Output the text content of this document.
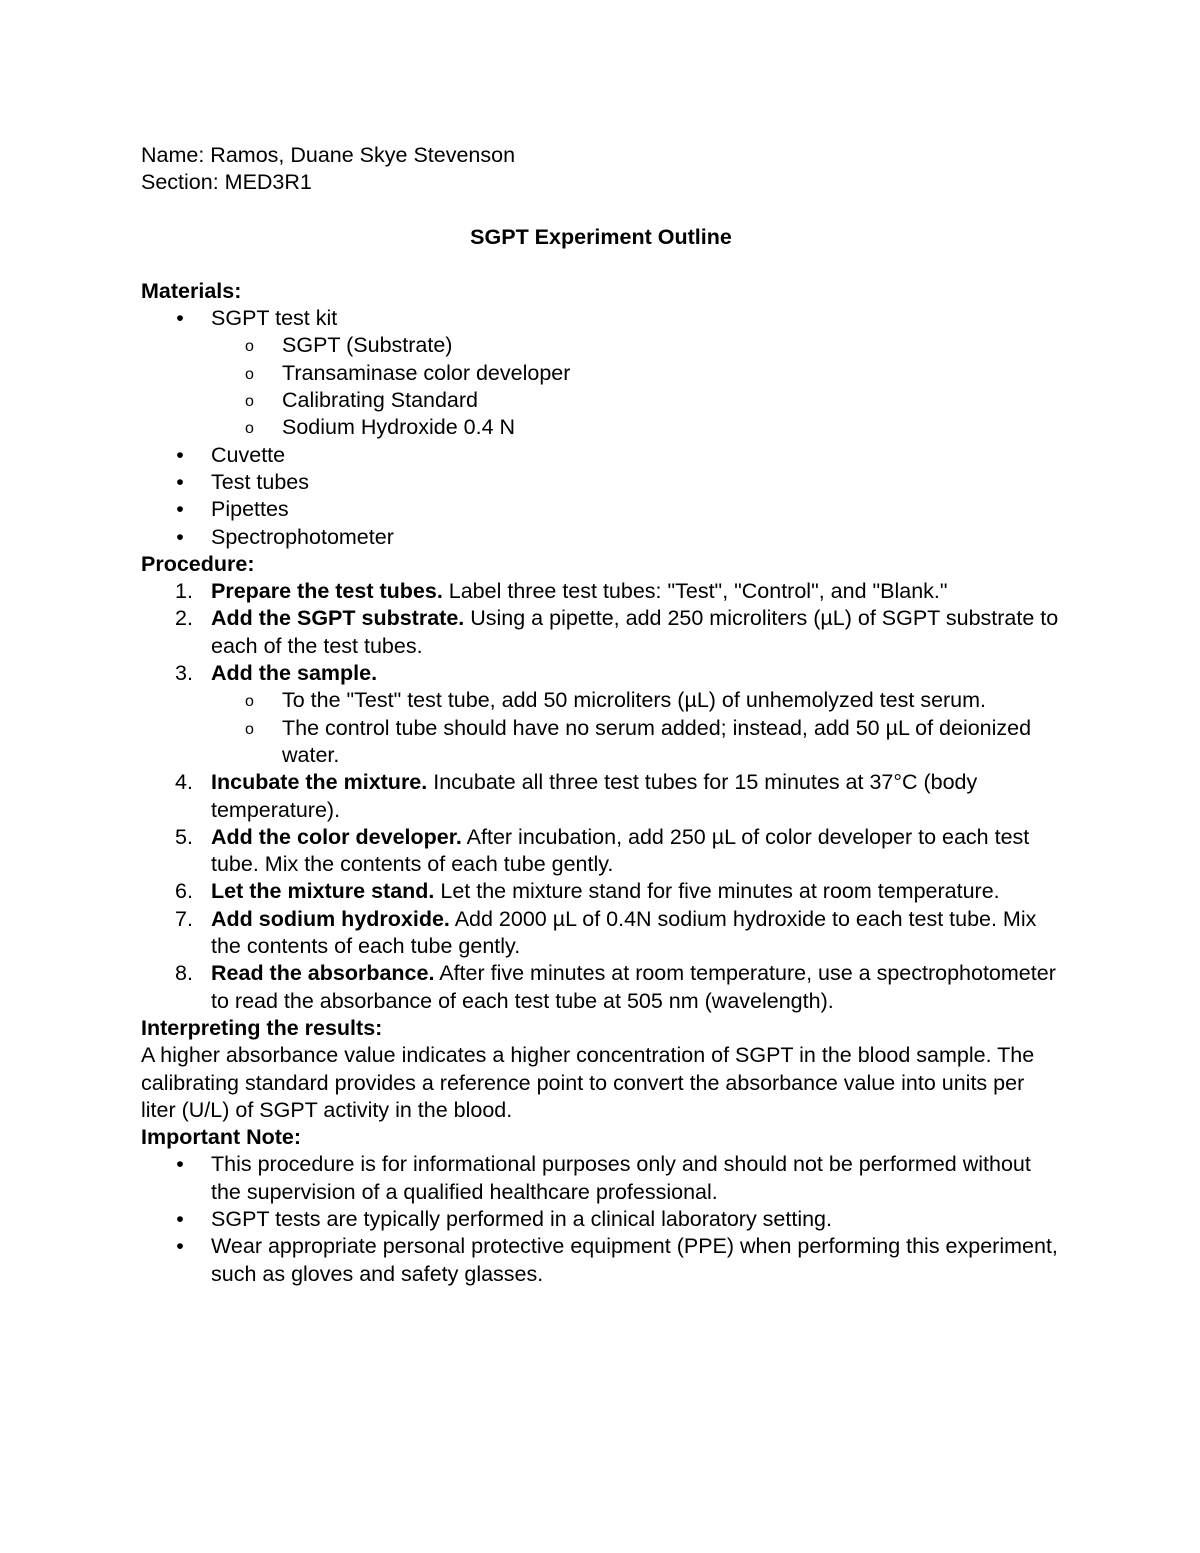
Name: Ramos, Duane Skye Stevenson

Section: MED3R1

SGPT Experiment Outline

Materials:

• SGPT test kit
o SGPT (Substrate)
o Transaminase color developer
o Calibrating Standard
o Sodium Hydroxide 0.4 N
• Cuvette
• Test tubes
• Pipettes
• Spectrophotometer

Procedure:

1. Prepare the test tubes. Label three test tubes: "Test", "Control", and "Blank."
2. Add the SGPT substrate. Using a pipette, add 250 microliters (µL) of SGPT substrate to each of the test tubes.
3. Add the sample.
o To the "Test" test tube, add 50 microliters (µL) of unhemolyzed test serum.
o The control tube should have no serum added; instead, add 50 µL of deionized water.
4. Incubate the mixture. Incubate all three test tubes for 15 minutes at 37°C (body temperature).
5. Add the color developer. After incubation, add 250 µL of color developer to each test tube. Mix the contents of each tube gently.
6. Let the mixture stand. Let the mixture stand for five minutes at room temperature.
7. Add sodium hydroxide. Add 2000 µL of 0.4N sodium hydroxide to each test tube. Mix the contents of each tube gently.
8. Read the absorbance. After five minutes at room temperature, use a spectrophotometer to read the absorbance of each test tube at 505 nm (wavelength).

Interpreting the results:

A higher absorbance value indicates a higher concentration of SGPT in the blood sample. The calibrating standard provides a reference point to convert the absorbance value into units per liter (U/L) of SGPT activity in the blood.

Important Note:

• This procedure is for informational purposes only and should not be performed without the supervision of a qualified healthcare professional.
• SGPT tests are typically performed in a clinical laboratory setting.
• Wear appropriate personal protective equipment (PPE) when performing this experiment, such as gloves and safety glasses.
